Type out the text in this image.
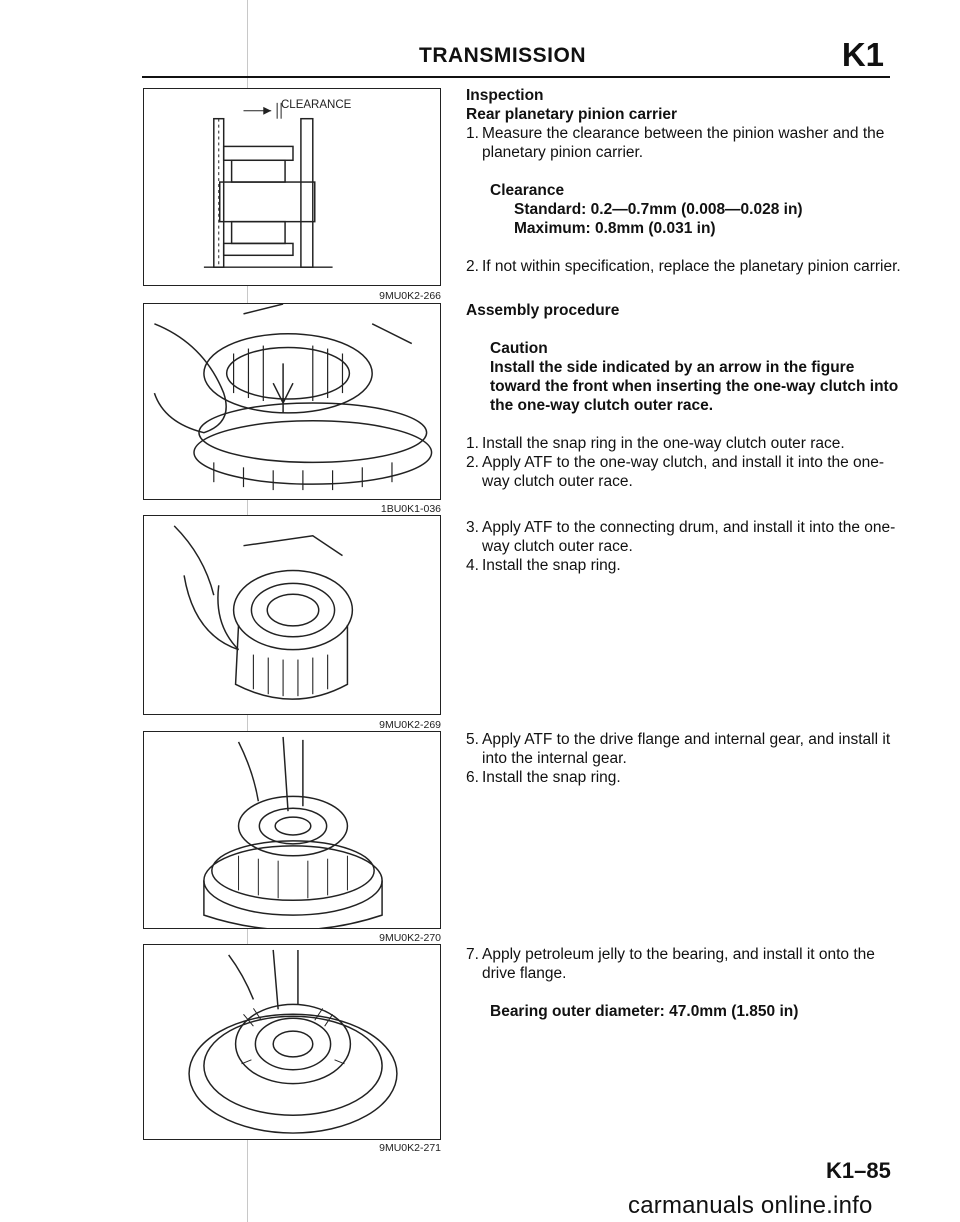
TRANSMISSION	K1
CLEARANCE
9MU0K2-266
1BU0K1-036
9MU0K2-269
9MU0K2-270
9MU0K2-271
Inspection
Rear planetary pinion carrier
1. Measure the clearance between the pinion washer and the planetary pinion carrier.
Clearance
Standard: 0.2—0.7mm (0.008—0.028 in)
Maximum: 0.8mm (0.031 in)
2. If not within specification, replace the planetary pinion carrier.
Assembly procedure
Caution
Install the side indicated by an arrow in the figure toward the front when inserting the one-way clutch into the one-way clutch outer race.
1. Install the snap ring in the one-way clutch outer race.
2. Apply ATF to the one-way clutch, and install it into the one-way clutch outer race.
3. Apply ATF to the connecting drum, and install it into the one-way clutch outer race.
4. Install the snap ring.
5. Apply ATF to the drive flange and internal gear, and install it into the internal gear.
6. Install the snap ring.
7. Apply petroleum jelly to the bearing, and install it onto the drive flange.
Bearing outer diameter: 47.0mm (1.850 in)
K1–85
carmanuals online.info
